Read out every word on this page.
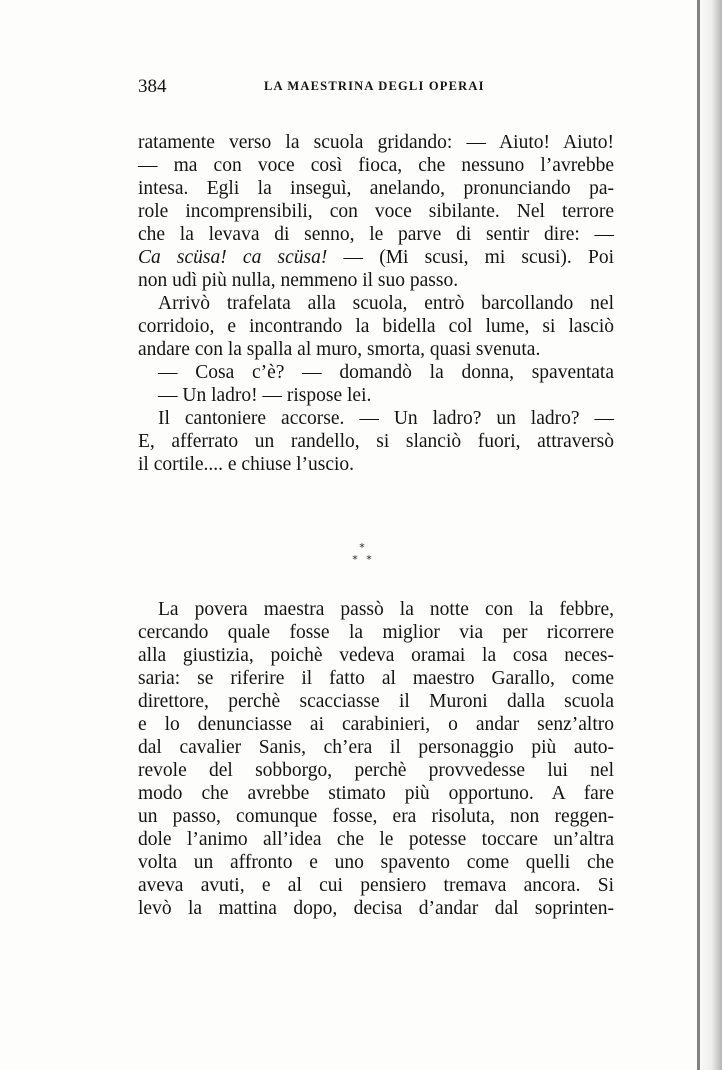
384	LA MAESTRINA DEGLI OPERAI
ratamente verso la scuola gridando: — Aiuto! Aiuto!
— ma con voce così fioca, che nessuno l’avrebbe
intesa. Egli la inseguì, anelando, pronunciando pa-
role incomprensibili, con voce sibilante. Nel terrore
che la levava di senno, le parve di sentir dire: —
Ca scüsa! ca scüsa! — (Mi scusi, mi scusi). Poi
non udì più nulla, nemmeno il suo passo.
Arrivò trafelata alla scuola, entrò barcollando nel
corridoio, e incontrando la bidella col lume, si lasciò
andare con la spalla al muro, smorta, quasi svenuta.
— Cosa c’è? — domandò la donna, spaventata
— Un ladro! — rispose lei.
Il cantoniere accorse. — Un ladro? un ladro? —
E, afferrato un randello, si slanciò fuori, attraversò
il cortile.... e chiuse l’uscio.
*
* *
La povera maestra passò la notte con la febbre,
cercando quale fosse la miglior via per ricorrere
alla giustizia, poichè vedeva oramai la cosa neces-
saria: se riferire il fatto al maestro Garallo, come
direttore, perchè scacciasse il Muroni dalla scuola
e lo denunciasse ai carabinieri, o andar senz’altro
dal cavalier Sanis, ch’era il personaggio più auto-
revole del sobborgo, perchè provvedesse lui nel
modo che avrebbe stimato più opportuno. A fare
un passo, comunque fosse, era risoluta, non reggen-
dole l’animo all’idea che le potesse toccare un’altra
volta un affronto e uno spavento come quelli che
aveva avuti, e al cui pensiero tremava ancora. Si
levò la mattina dopo, decisa d’andar dal soprinten-
